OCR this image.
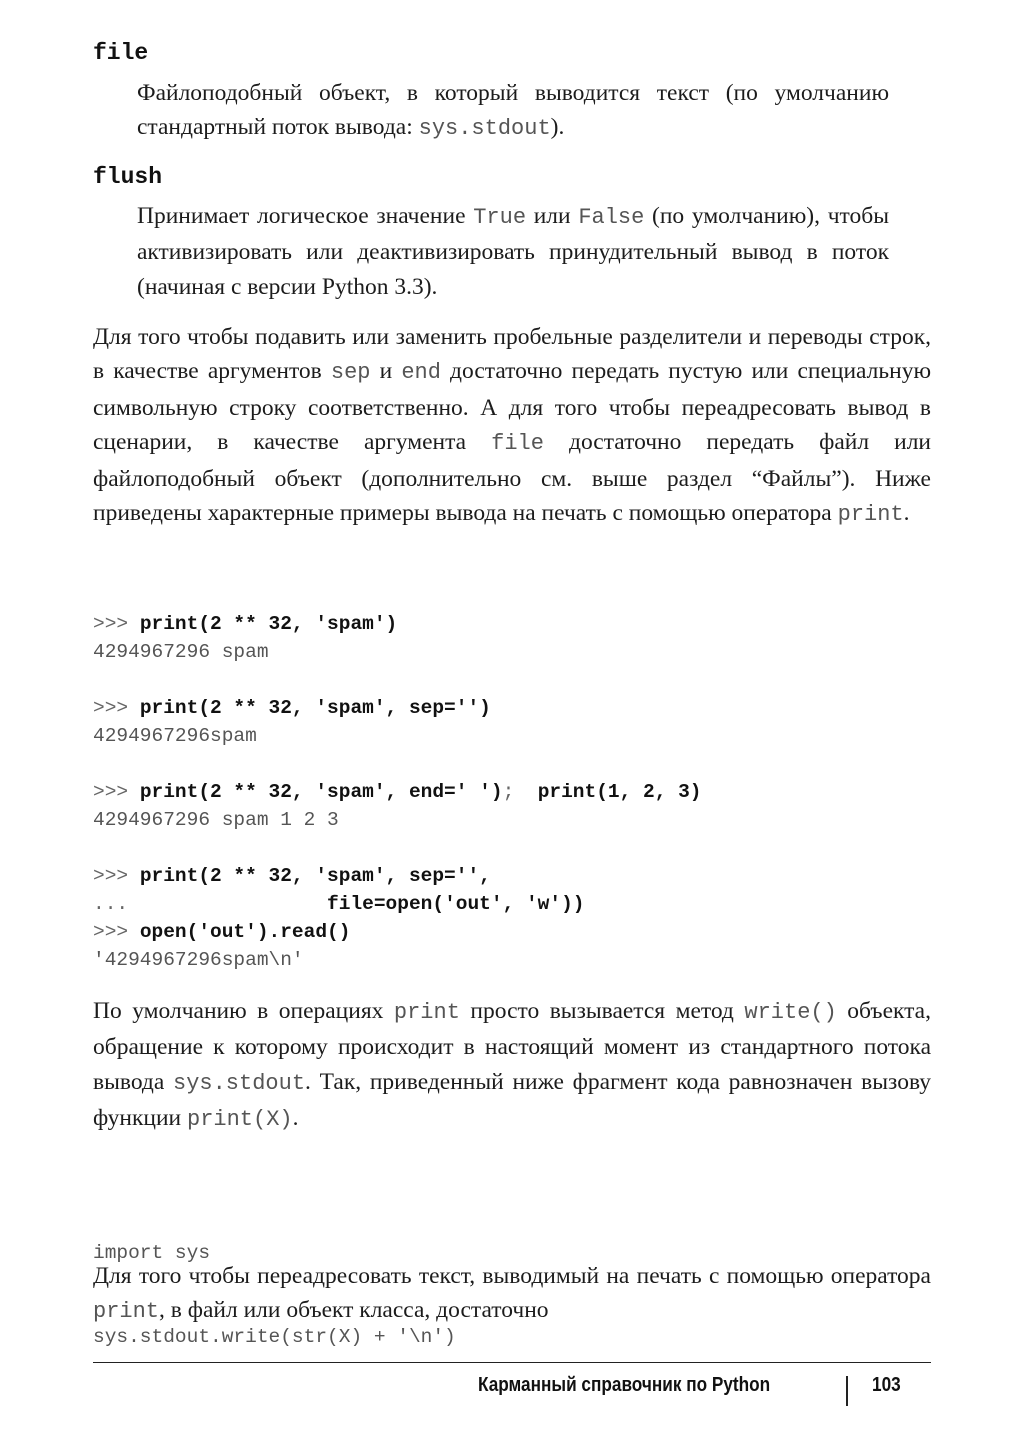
file

Файлоподобный объект, в который выводится текст (по умолчанию стандартный поток вывода: sys.stdout).

flush

Принимает логическое значение True или False (по умолчанию), чтобы активизировать или деактивизировать принудительный вывод в поток (начиная с версии Python 3.3).

Для того чтобы подавить или заменить пробельные разделители и переводы строк, в качестве аргументов sep и end достаточно передать пустую или специальную символьную строку соответственно. А для того чтобы переадресовать вывод в сценарии, в качестве аргумента file достаточно передать файл или файлоподобный объект (дополнительно см. выше раздел “Файлы”). Ниже приведены характерные примеры вывода на печать с помощью оператора print.

>>> print(2 ** 32, 'spam')
4294967296 spam
>>> print(2 ** 32, 'spam', sep='')
4294967296spam
>>> print(2 ** 32, 'spam', end=' ');  print(1, 2, 3)
4294967296 spam 1 2 3
>>> print(2 ** 32, 'spam', sep='',
...                 file=open('out', 'w'))
>>> open('out').read()
'4294967296spam\n'

По умолчанию в операциях print просто вызывается метод write() объекта, обращение к которому происходит в настоящий момент из стандартного потока вывода sys.stdout. Так, приведенный ниже фрагмент кода равнозначен вызову функции print(X).

import sys

sys.stdout.write(str(X) + '\n')

Для того чтобы переадресовать текст, выводимый на печать с помощью оператора print, в файл или объект класса, достаточно

Карманный справочник по Python	103
